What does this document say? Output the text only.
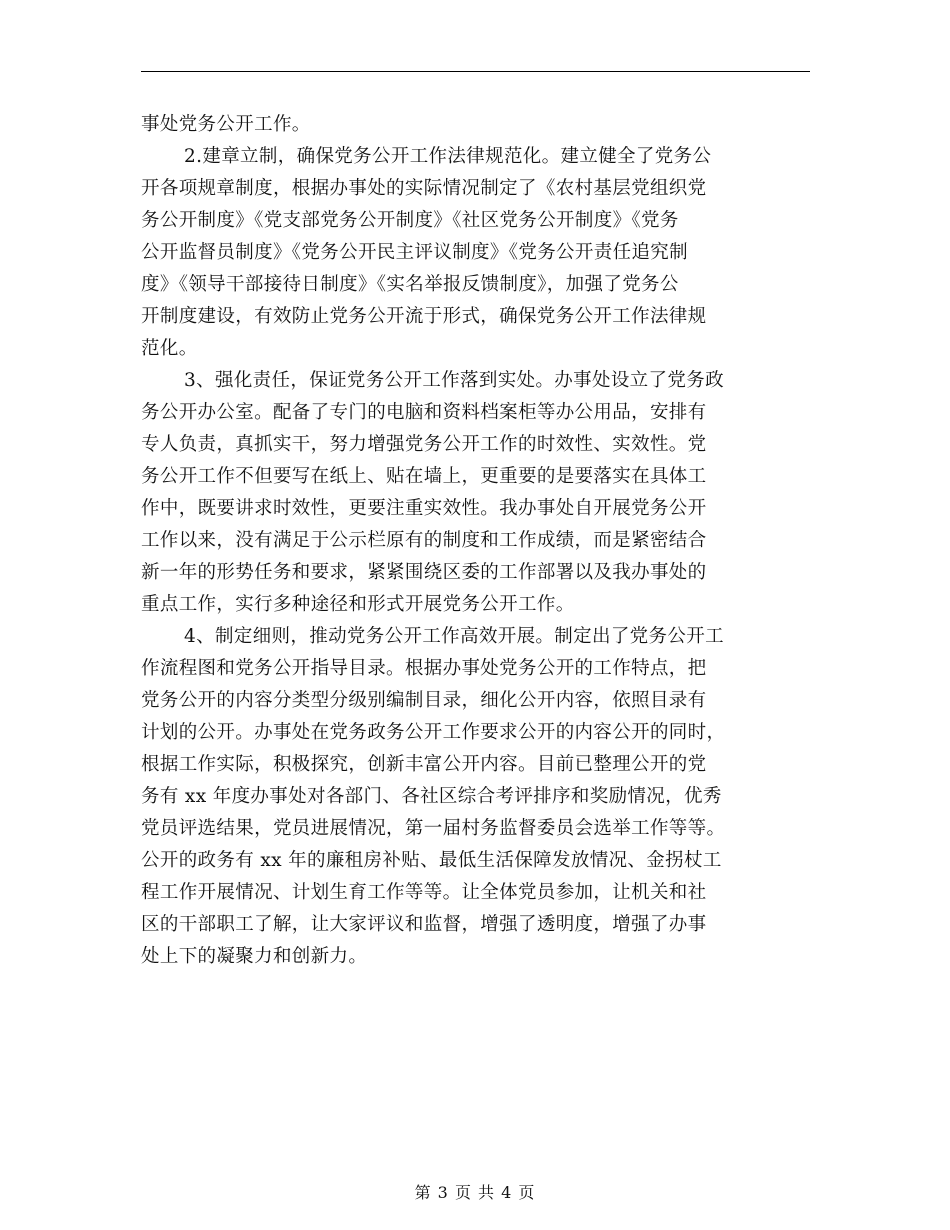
事处党务公开工作。
2.建章立制，确保党务公开工作法律规范化。建立健全了党务公
开各项规章制度，根据办事处的实际情况制定了《农村基层党组织党
务公开制度》《党支部党务公开制度》《社区党务公开制度》《党务
公开监督员制度》《党务公开民主评议制度》《党务公开责任追究制
度》《领导干部接待日制度》《实名举报反馈制度》，加强了党务公
开制度建设，有效防止党务公开流于形式，确保党务公开工作法律规
范化。
3、强化责任，保证党务公开工作落到实处。办事处设立了党务政
务公开办公室。配备了专门的电脑和资料档案柜等办公用品，安排有
专人负责，真抓实干，努力增强党务公开工作的时效性、实效性。党
务公开工作不但要写在纸上、贴在墙上，更重要的是要落实在具体工
作中，既要讲求时效性，更要注重实效性。我办事处自开展党务公开
工作以来，没有满足于公示栏原有的制度和工作成绩，而是紧密结合
新一年的形势任务和要求，紧紧围绕区委的工作部署以及我办事处的
重点工作，实行多种途径和形式开展党务公开工作。
4、制定细则，推动党务公开工作高效开展。制定出了党务公开工
作流程图和党务公开指导目录。根据办事处党务公开的工作特点，把
党务公开的内容分类型分级别编制目录，细化公开内容，依照目录有
计划的公开。办事处在党务政务公开工作要求公开的内容公开的同时，
根据工作实际，积极探究，创新丰富公开内容。目前已整理公开的党
务有 xx 年度办事处对各部门、各社区综合考评排序和奖励情况，优秀
党员评选结果，党员进展情况，第一届村务监督委员会选举工作等等。
公开的政务有 xx 年的廉租房补贴、最低生活保障发放情况、金拐杖工
程工作开展情况、计划生育工作等等。让全体党员参加，让机关和社
区的干部职工了解，让大家评议和监督，增强了透明度，增强了办事
处上下的凝聚力和创新力。
第 3 页 共 4 页
